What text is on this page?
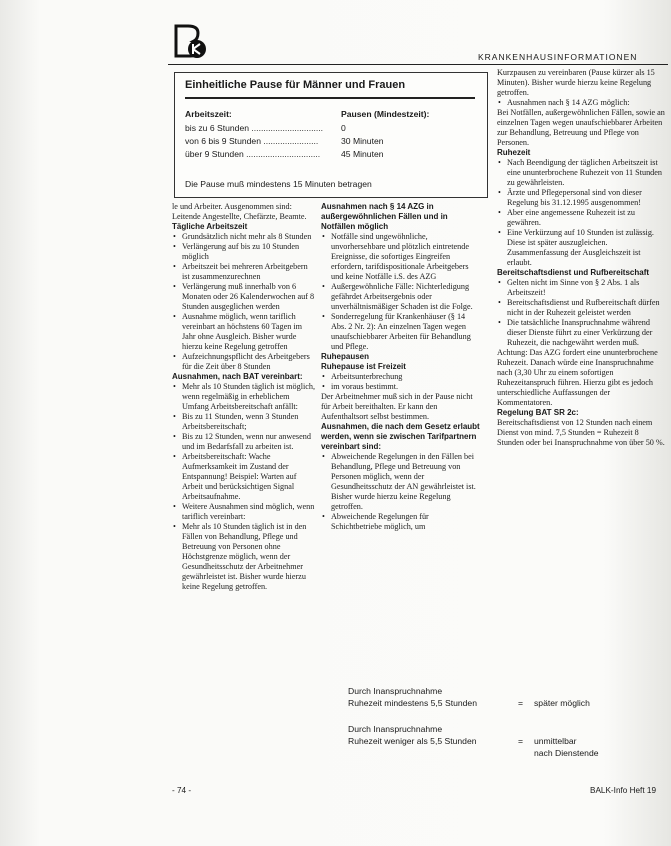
KRANKENHAUSINFORMATIONEN
Einheitliche Pause für Männer und Frauen
Arbeitszeit:	Pausen (Mindestzeit):
bis zu 6 Stunden .............................. 0
von 6 bis 9 Stunden .......................	30 Minuten
über 9 Stunden ............................... 45 Minuten
Die Pause muß mindestens 15 Minuten betragen

le und Arbeiter. Ausgenommen sind: Leitende Angestellte, Chefärzte, Beamte.

Tägliche Arbeitszeit

• Grundsätzlich nicht mehr als 8 Stunden

• Verlängerung auf bis zu 10 Stunden möglich

• Arbeitszeit bei mehreren Arbeitgebern ist zusammenzurechnen

• Verlängerung muß innerhalb von 6 Monaten oder 26 Kalenderwochen auf 8 Stunden ausgeglichen werden

• Ausnahme möglich, wenn tariflich vereinbart an höchstens 60 Tagen im Jahr ohne Ausgleich. Bisher wurde hierzu keine Regelung getroffen

• Aufzeichnungspflicht des Arbeitgebers für die Zeit über 8 Stunden

Ausnahmen, nach BAT vereinbart:

• Mehr als 10 Stunden täglich ist möglich, wenn regelmäßig in erheblichem Umfang Arbeitsbereitschaft anfällt:

• Bis zu 11 Stunden, wenn 3 Stunden Arbeitsbereitschaft;

• Bis zu 12 Stunden, wenn nur anwesend und im Bedarfsfall zu arbeiten ist.

• Arbeitsbereitschaft: Wache Aufmerksamkeit im Zustand der Entspannung! Beispiel: Warten auf Arbeit und berücksichtigen Signal Arbeitsaufnahme.

• Weitere Ausnahmen sind möglich, wenn tariflich vereinbart:

• Mehr als 10 Stunden täglich ist in den Fällen von Behandlung, Pflege und Betreuung von Personen ohne Höchstgrenze möglich, wenn der Gesundheitsschutz der Arbeitnehmer gewährleistet ist. Bisher wurde hierzu keine Regelung getroffen.

Ausnahmen nach § 14 AZG in außergewöhnlichen Fällen und in Notfällen möglich

• Notfälle sind ungewöhnliche, unvorhersehbare und plötzlich eintretende Ereignisse, die sofortiges Eingreifen erfordern, tarifdispositionale Arbeitgebers und keine Notfälle i.S. des AZG

• Außergewöhnliche Fälle: Nichterledigung gefährdet Arbeitsergebnis oder unverhältnismäßiger Schaden ist die Folge.

• Sonderregelung für Krankenhäuser (§ 14 Abs. 2 Nr. 2): An einzelnen Tagen wegen unaufschiebbarer Arbeiten für Behandlung und Pflege.

Ruhepausen

Ruhepause ist Freizeit

• Arbeitsunterbrechung

• im voraus bestimmt.

Der Arbeitnehmer muß sich in der Pause nicht für Arbeit bereithalten. Er kann den Aufenthaltsort selbst bestimmen.

Ausnahmen, die nach dem Gesetz erlaubt werden, wenn sie zwischen Tarifpartnern vereinbart sind:

• Abweichende Regelungen in den Fällen bei Behandlung, Pflege und Betreuung von Personen möglich, wenn der Gesundheitsschutz der AN gewährleistet ist. Bisher wurde hierzu keine Regelung getroffen.

• Abweichende Regelungen für Schichtbetriebe möglich, um

Kurzpausen zu vereinbaren (Pause kürzer als 15 Minuten). Bisher wurde hierzu keine Regelung getroffen.

• Ausnahmen nach § 14 AZG möglich:

Bei Notfällen, außergewöhnlichen Fällen, sowie an einzelnen Tagen wegen unaufschiebbarer Arbeiten zur Behandlung, Betreuung und Pflege von Personen.

Ruhezeit

• Nach Beendigung der täglichen Arbeitszeit ist eine ununterbrochene Ruhezeit von 11 Stunden zu gewährleisten.

• Ärzte und Pflegepersonal sind von dieser Regelung bis 31.12.1995 ausgenommen!

• Aber eine angemessene Ruhezeit ist zu gewähren.

• Eine Verkürzung auf 10 Stunden ist zulässig. Diese ist später auszugleichen. Zusammenfassung der Ausgleichszeit ist erlaubt.

Bereitschaftsdienst und Rufbereitschaft

• Gelten nicht im Sinne von § 2 Abs. 1 als Arbeitszeit!

• Bereitschaftsdienst und Rufbereitschaft dürfen nicht in der Ruhezeit geleistet werden

• Die tatsächliche Inanspruchnahme während dieser Dienste führt zu einer Verkürzung der Ruhezeit, die nachgewährt werden muß.

Achtung: Das AZG fordert eine ununterbrochene Ruhezeit. Danach würde eine Inanspruchnahme nach (3,30 Uhr zu einem sofortigen Ruhezeitanspruch führen. Hierzu gibt es jedoch unterschiedliche Auffassungen der Kommentatoren.

Regelung BAT SR 2c:

Bereitschaftsdienst von 12 Stunden nach einem Dienst von mind. 7,5 Stunden = Ruhezeit 8 Stunden oder bei Inanspruchnahme von über 50 %.

Durch Inanspruchnahme
Ruhezeit mindestens 5,5 Stunden	= später möglich
Durch Inanspruchnahme
Ruhezeit weniger als 5,5 Stunden	= unmittelbar
nach Dienstende
- 74 -	BALK-Info Heft 19
